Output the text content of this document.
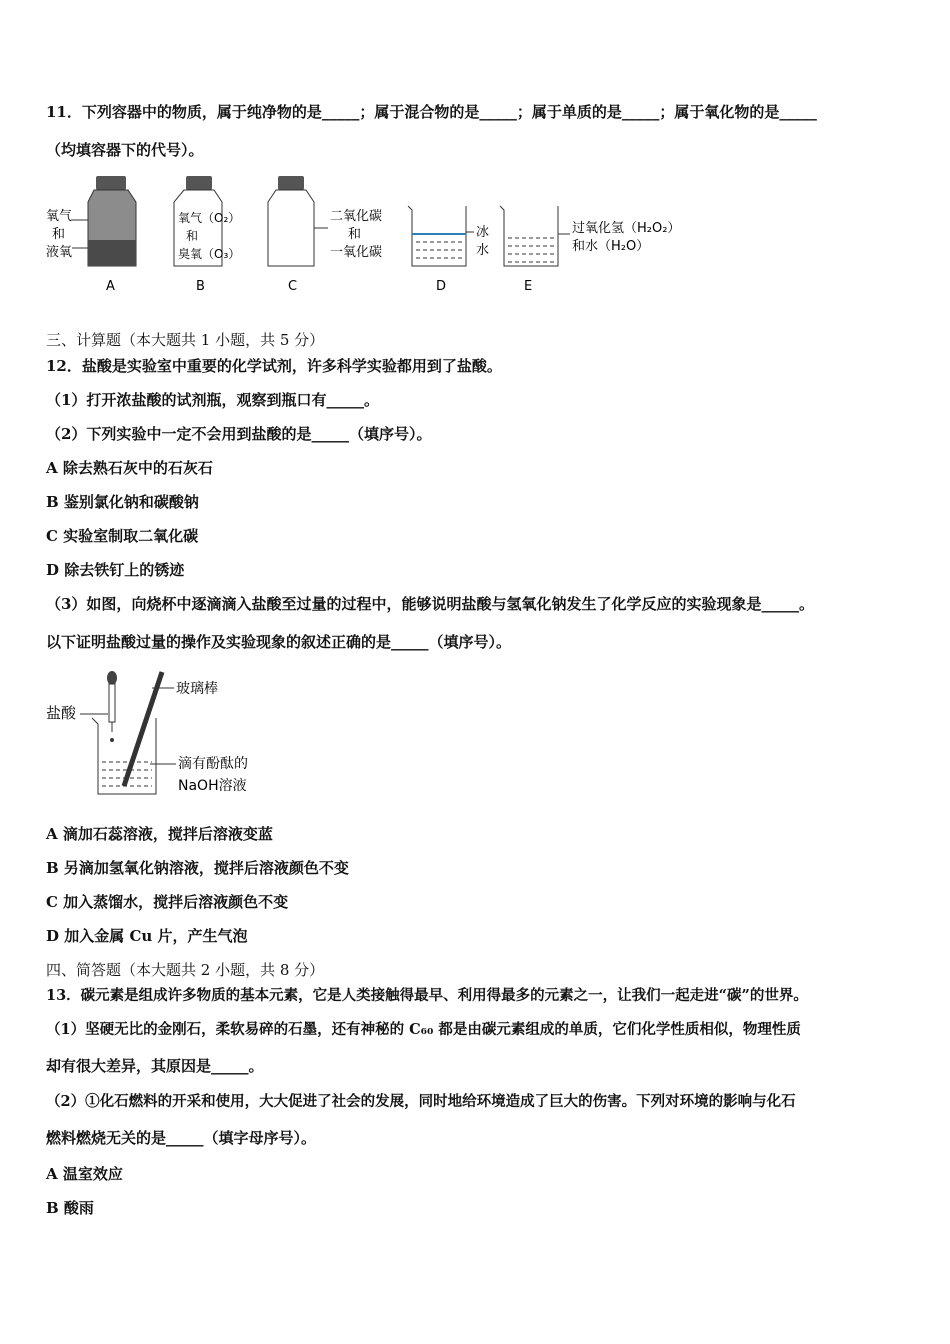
11．下列容器中的物质，属于纯净物的是_____；属于混合物的是_____；属于单质的是_____；属于氧化物的是_____
（均填容器下的代号）。
氧气
和
液氧
A
氧气（O₂）
和
臭氧（O₃）
B
二氧化碳
和
一氧化碳
C
冰
水
D
过氧化氢（H₂O₂）
和水（H₂O）
E
三、计算题（本大题共 1 小题，共 5 分）
12．盐酸是实验室中重要的化学试剂，许多科学实验都用到了盐酸。
（1）打开浓盐酸的试剂瓶，观察到瓶口有_____。
（2）下列实验中一定不会用到盐酸的是_____（填序号）。
A 除去熟石灰中的石灰石
B 鉴别氯化钠和碳酸钠
C 实验室制取二氧化碳
D 除去铁钉上的锈迹
（3）如图，向烧杯中逐滴滴入盐酸至过量的过程中，能够说明盐酸与氢氧化钠发生了化学反应的实验现象是_____。
以下证明盐酸过量的操作及实验现象的叙述正确的是_____（填序号）。
盐酸
玻璃棒
滴有酚酞的
NaOH溶液
A 滴加石蕊溶液，搅拌后溶液变蓝
B 另滴加氢氧化钠溶液，搅拌后溶液颜色不变
C 加入蒸馏水，搅拌后溶液颜色不变
D 加入金属 Cu 片，产生气泡
四、简答题（本大题共 2 小题，共 8 分）
13．碳元素是组成许多物质的基本元素，它是人类接触得最早、利用得最多的元素之一，让我们一起走进“碳”的世界。
（1）坚硬无比的金刚石，柔软易碎的石墨，还有神秘的 C₆₀ 都是由碳元素组成的单质，它们化学性质相似，物理性质
却有很大差异，其原因是_____。
（2）①化石燃料的开采和使用，大大促进了社会的发展，同时地给环境造成了巨大的伤害。下列对环境的影响与化石
燃料燃烧无关的是_____（填字母序号）。
A 温室效应
B 酸雨
